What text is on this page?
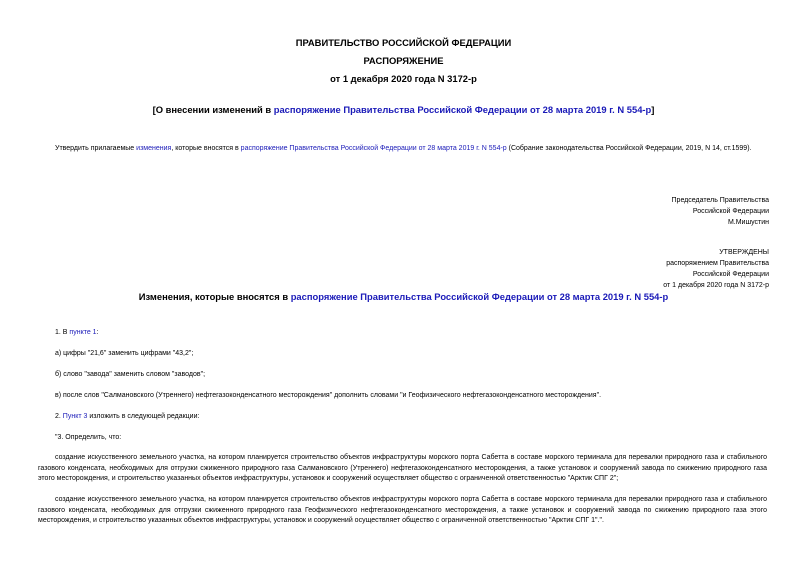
ПРАВИТЕЛЬСТВО РОССИЙСКОЙ ФЕДЕРАЦИИ
РАСПОРЯЖЕНИЕ
от 1 декабря 2020 года N 3172-р
[О внесении изменений в распоряжение Правительства Российской Федерации от 28 марта 2019 г. N 554-р]
Утвердить прилагаемые изменения, которые вносятся в распоряжение Правительства Российской Федерации от 28 марта 2019 г. N 554-р (Собрание законодательства Российской Федерации, 2019, N 14, ст.1599).
Председатель Правительства
Российской Федерации
М.Мишустин
УТВЕРЖДЕНЫ
распоряжением Правительства
Российской Федерации
от 1 декабря 2020 года N 3172-р
Изменения, которые вносятся в распоряжение Правительства Российской Федерации от 28 марта 2019 г. N 554-р
1. В пункте 1:
а) цифры "21,6" заменить цифрами "43,2";
б) слово "завода" заменить словом "заводов";
в) после слов "Салмановского (Утреннего) нефтегазоконденсатного месторождения" дополнить словами "и Геофизического нефтегазоконденсатного месторождения".
2. Пункт 3 изложить в следующей редакции:
"3. Определить, что:
создание искусственного земельного участка, на котором планируется строительство объектов инфраструктуры морского порта Сабетта в составе морского терминала для перевалки природного газа и стабильного газового конденсата, необходимых для отгрузки сжиженного природного газа Салмановского (Утреннего) нефтегазоконденсатного месторождения, а также установок и сооружений завода по сжижению природного газа этого месторождения, и строительство указанных объектов инфраструктуры, установок и сооружений осуществляет общество с ограниченной ответственностью "Арктик СПГ 2";
создание искусственного земельного участка, на котором планируется строительство объектов инфраструктуры морского порта Сабетта в составе морского терминала для перевалки природного газа и стабильного газового конденсата, необходимых для отгрузки сжиженного природного газа Геофизического нефтегазоконденсатного месторождения, а также установок и сооружений завода по сжижению природного газа этого месторождения, и строительство указанных объектов инфраструктуры, установок и сооружений осуществляет общество с ограниченной ответственностью "Арктик СПГ 1".".
